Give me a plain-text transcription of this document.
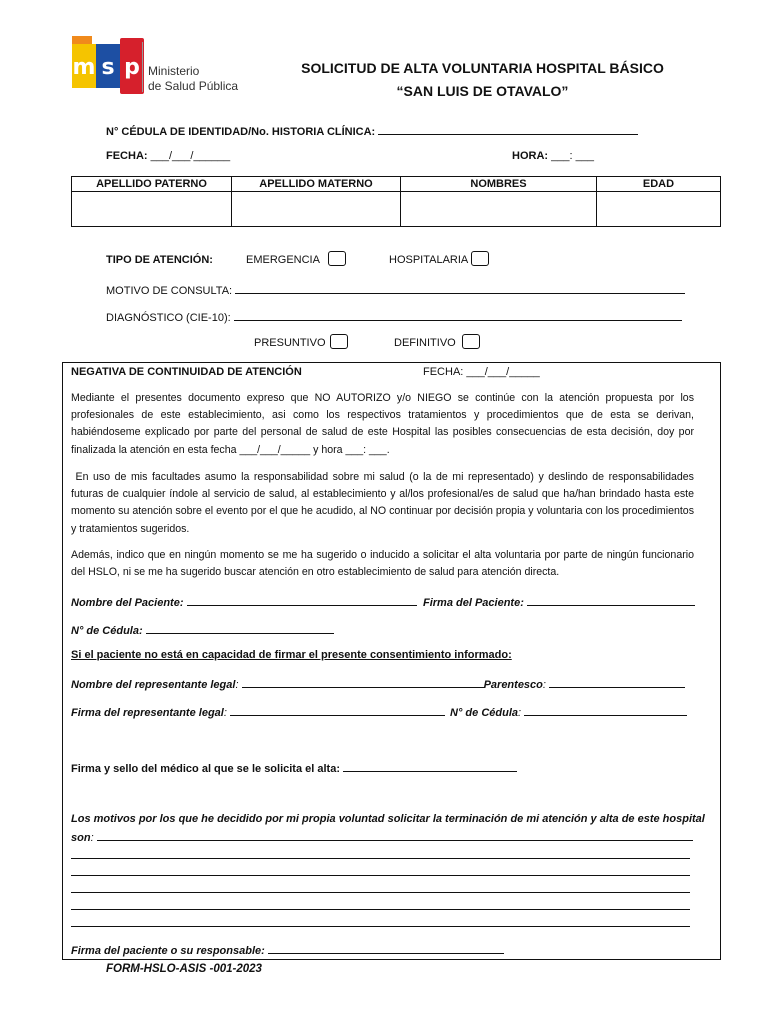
m s p Ministerio
de Salud Pública
SOLICITUD DE ALTA VOLUNTARIA HOSPITAL BÁSICO
“SAN LUIS DE OTAVALO”
N° CÉDULA DE IDENTIDAD/No. HISTORIA CLÍNICA:
FECHA: ___/___/______	HORA: ___: ___
APELLIDO PATERNO	APELLIDO MATERNO	NOMBRES	EDAD

TIPO DE ATENCIÓN:	EMERGENCIA	HOSPITALARIA
MOTIVO DE CONSULTA:
DIAGNÓSTICO (CIE-10):
PRESUNTIVO	DEFINITIVO
NEGATIVA DE CONTINUIDAD DE ATENCIÓN	FECHA: ___/___/_____
Mediante el presentes documento expreso que NO AUTORIZO y/o NIEGO se continúe con la atención propuesta por los profesionales de este establecimiento, asi como los respectivos tratamientos y procedimientos que de esta se derivan, habiéndoseme explicado por parte del personal de salud de este Hospital las posibles consecuencias de esta decisión, doy por finalizada la atención en esta fecha ___/___/_____ y hora ___: ___.
En uso de mis facultades asumo la responsabilidad sobre mi salud (o la de mi representado) y deslindo de responsabilidades futuras de cualquier índole al servicio de salud, al establecimiento y al/los profesional/es de salud que ha/han brindado hasta este momento su atención sobre el evento por el que he acudido, al NO continuar por decisión propia y voluntaria con los procedimientos y tratamientos sugeridos.
Además, indico que en ningún momento se me ha sugerido o inducido a solicitar el alta voluntaria por parte de ningún funcionario del HSLO, ni se me ha sugerido buscar atención en otro establecimiento de salud para atención directa.
Nombre del Paciente:	Firma del Paciente:
N° de Cédula:
Si el paciente no está en capacidad de firmar el presente consentimiento informado:
Nombre del representante legal:	Parentesco:
Firma del representante legal:	N° de Cédula:
Firma y sello del médico al que se le solicita el alta:
Los motivos por los que he decidido por mi propia voluntad solicitar la terminación de mi atención y alta de este hospital
son:
Firma del paciente o su responsable:
FORM-HSLO-ASIS -001-2023
